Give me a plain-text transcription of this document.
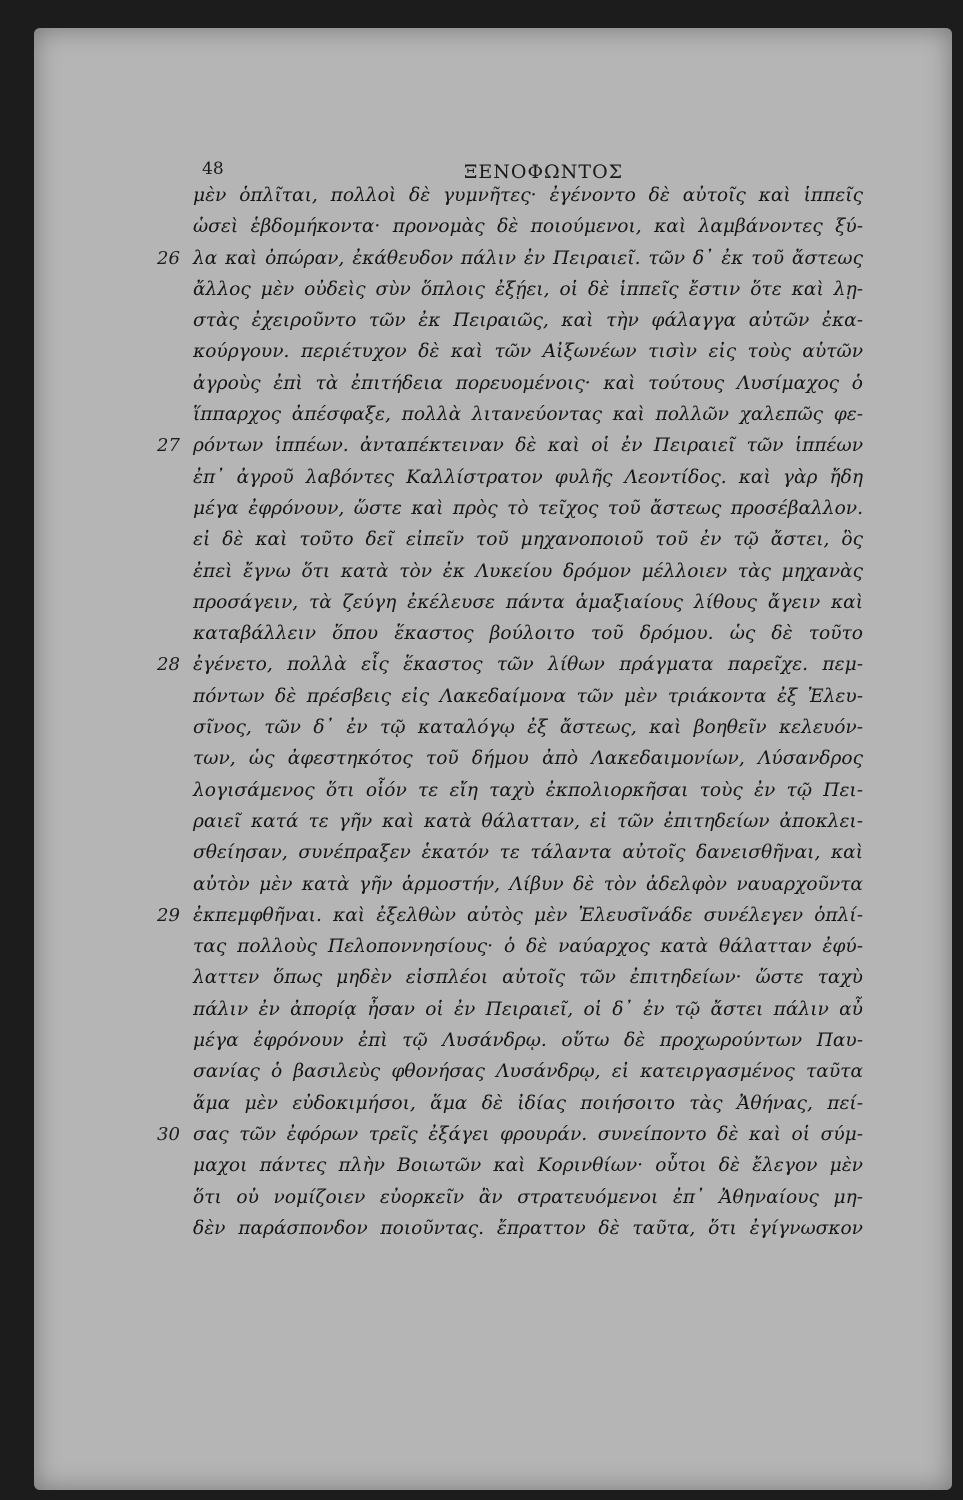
48	ΞΕΝΟΦΩΝΤΟΣ
μὲν ὁπλῖται, πολλοὶ δὲ γυμνῆτες· ἐγένοντο δὲ αὐτοῖς καὶ ἱππεῖς
ὡσεὶ ἑβδομήκοντα· προνομὰς δὲ ποιούμενοι, καὶ λαμβάνοντες ξύ-
26 λα καὶ ὀπώραν, ἐκάθευδον πάλιν ἐν Πειραιεῖ. τῶν δ᾽ ἐκ τοῦ ἄστεως
ἄλλος μὲν οὐδεὶς σὺν ὅπλοις ἐξῄει, οἱ δὲ ἱππεῖς ἔστιν ὅτε καὶ λῃ-
στὰς ἐχειροῦντο τῶν ἐκ Πειραιῶς, καὶ τὴν φάλαγγα αὐτῶν ἐκα-
κούργουν. περιέτυχον δὲ καὶ τῶν Αἰξωνέων τισὶν εἰς τοὺς αὑτῶν
ἀγροὺς ἐπὶ τὰ ἐπιτήδεια πορευομένοις· καὶ τούτους Λυσίμαχος ὁ
ἵππαρχος ἀπέσφαξε, πολλὰ λιτανεύοντας καὶ πολλῶν χαλεπῶς φε-
27 ρόντων ἱππέων. ἀνταπέκτειναν δὲ καὶ οἱ ἐν Πειραιεῖ τῶν ἱππέων
ἐπ᾽ ἀγροῦ λαβόντες Καλλίστρατον φυλῆς Λεοντίδος. καὶ γὰρ ἤδη
μέγα ἐφρόνουν, ὥστε καὶ πρὸς τὸ τεῖχος τοῦ ἄστεως προσέβαλλον.
εἰ δὲ καὶ τοῦτο δεῖ εἰπεῖν τοῦ μηχανοποιοῦ τοῦ ἐν τῷ ἄστει, ὃς
ἐπεὶ ἔγνω ὅτι κατὰ τὸν ἐκ Λυκείου δρόμον μέλλοιεν τὰς μηχανὰς
προσάγειν, τὰ ζεύγη ἐκέλευσε πάντα ἁμαξιαίους λίθους ἄγειν καὶ
καταβάλλειν ὅπου ἕκαστος βούλοιτο τοῦ δρόμου. ὡς δὲ τοῦτο
28 ἐγένετο, πολλὰ εἷς ἕκαστος τῶν λίθων πράγματα παρεῖχε. πεμ-
πόντων δὲ πρέσβεις εἰς Λακεδαίμονα τῶν μὲν τριάκοντα ἐξ Ἐλευ-
σῖνος, τῶν δ᾽ ἐν τῷ καταλόγῳ ἐξ ἄστεως, καὶ βοηθεῖν κελευόν-
των, ὡς ἀφεστηκότος τοῦ δήμου ἀπὸ Λακεδαιμονίων, Λύσανδρος
λογισάμενος ὅτι οἷόν τε εἴη ταχὺ ἐκπολιορκῆσαι τοὺς ἐν τῷ Πει-
ραιεῖ κατά τε γῆν καὶ κατὰ θάλατταν, εἰ τῶν ἐπιτηδείων ἀποκλει-
σθείησαν, συνέπραξεν ἑκατόν τε τάλαντα αὐτοῖς δανεισθῆναι, καὶ
αὐτὸν μὲν κατὰ γῆν ἁρμοστήν, Λίβυν δὲ τὸν ἀδελφὸν ναυαρχοῦντα
29 ἐκπεμφθῆναι. καὶ ἐξελθὼν αὐτὸς μὲν Ἐλευσῖνάδε συνέλεγεν ὁπλί-
τας πολλοὺς Πελοποννησίους· ὁ δὲ ναύαρχος κατὰ θάλατταν ἐφύ-
λαττεν ὅπως μηδὲν εἰσπλέοι αὐτοῖς τῶν ἐπιτηδείων· ὥστε ταχὺ
πάλιν ἐν ἀπορίᾳ ἦσαν οἱ ἐν Πειραιεῖ, οἱ δ᾽ ἐν τῷ ἄστει πάλιν αὖ
μέγα ἐφρόνουν ἐπὶ τῷ Λυσάνδρῳ. οὕτω δὲ προχωρούντων Παυ-
σανίας ὁ βασιλεὺς φθονήσας Λυσάνδρῳ, εἰ κατειργασμένος ταῦτα
ἅμα μὲν εὐδοκιμήσοι, ἅμα δὲ ἰδίας ποιήσοιτο τὰς Ἀθήνας, πεί-
30 σας τῶν ἐφόρων τρεῖς ἐξάγει φρουράν. συνείποντο δὲ καὶ οἱ σύμ-
μαχοι πάντες πλὴν Βοιωτῶν καὶ Κορινθίων· οὗτοι δὲ ἔλεγον μὲν
ὅτι οὐ νομίζοιεν εὐορκεῖν ἂν στρατευόμενοι ἐπ᾽ Ἀθηναίους μη-
δὲν παράσπονδον ποιοῦντας. ἔπραττον δὲ ταῦτα, ὅτι ἐγίγνωσκον
